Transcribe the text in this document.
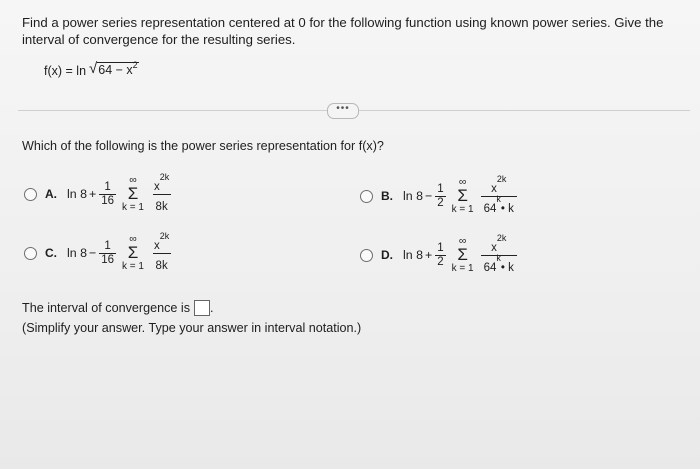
Find a power series representation centered at 0 for the following function using known power series. Give the interval of convergence for the resulting series.
f(x) = ln √ $64 - x^2$
•••
Which of the following is the power series representation for f(x)?
A. $\ln 8 + \frac{1}{16}$
∞
Σ
$k = 1 \frac{x^{2k}}{8k}$	B. $\ln 8 - \frac{1}{2}$
∞
Σ
$k = 1 \frac{x^{2k}}{64^k• k}$
C. $\ln 8 - \frac{1}{16}$
∞
Σ
$k = 1 \frac{x^{2k}}{8k}$	D. $\ln 8 + \frac{1}{2}$
∞
Σ
$k = 1 \frac{x^{2k}}{64^k• k}$
The interval of convergence is .
(Simplify your answer. Type your answer in interval notation.)
